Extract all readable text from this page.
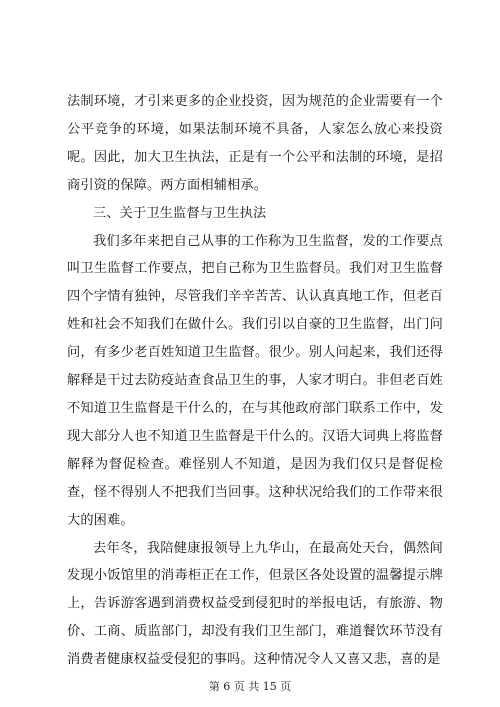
法制环境，才引来更多的企业投资，因为规范的企业需要有一个公平竞争的环境，如果法制环境不具备，人家怎么放心来投资呢。因此，加大卫生执法，正是有一个公平和法制的环境，是招商引资的保障。两方面相辅相承。

三、关于卫生监督与卫生执法

我们多年来把自己从事的工作称为卫生监督，发的工作要点叫卫生监督工作要点，把自己称为卫生监督员。我们对卫生监督四个字情有独钟，尽管我们辛辛苦苦、认认真真地工作，但老百姓和社会不知我们在做什么。我们引以自豪的卫生监督，出门问问，有多少老百姓知道卫生监督。很少。别人问起来，我们还得解释是干过去防疫站查食品卫生的事，人家才明白。非但老百姓不知道卫生监督是干什么的，在与其他政府部门联系工作中，发现大部分人也不知道卫生监督是干什么的。汉语大词典上将监督解释为督促检查。难怪别人不知道，是因为我们仅只是督促检查，怪不得别人不把我们当回事。这种状况给我们的工作带来很大的困难。

去年冬，我陪健康报领导上九华山，在最高处天台，偶然间发现小饭馆里的消毒柜正在工作，但景区各处设置的温馨提示牌上，告诉游客遇到消费权益受到侵犯时的举报电话，有旅游、物价、工商、质监部门，却没有我们卫生部门，难道餐饮环节没有消费者健康权益受侵犯的事吗。这种情况令人又喜又悲，喜的是

第 6 页 共 15 页
